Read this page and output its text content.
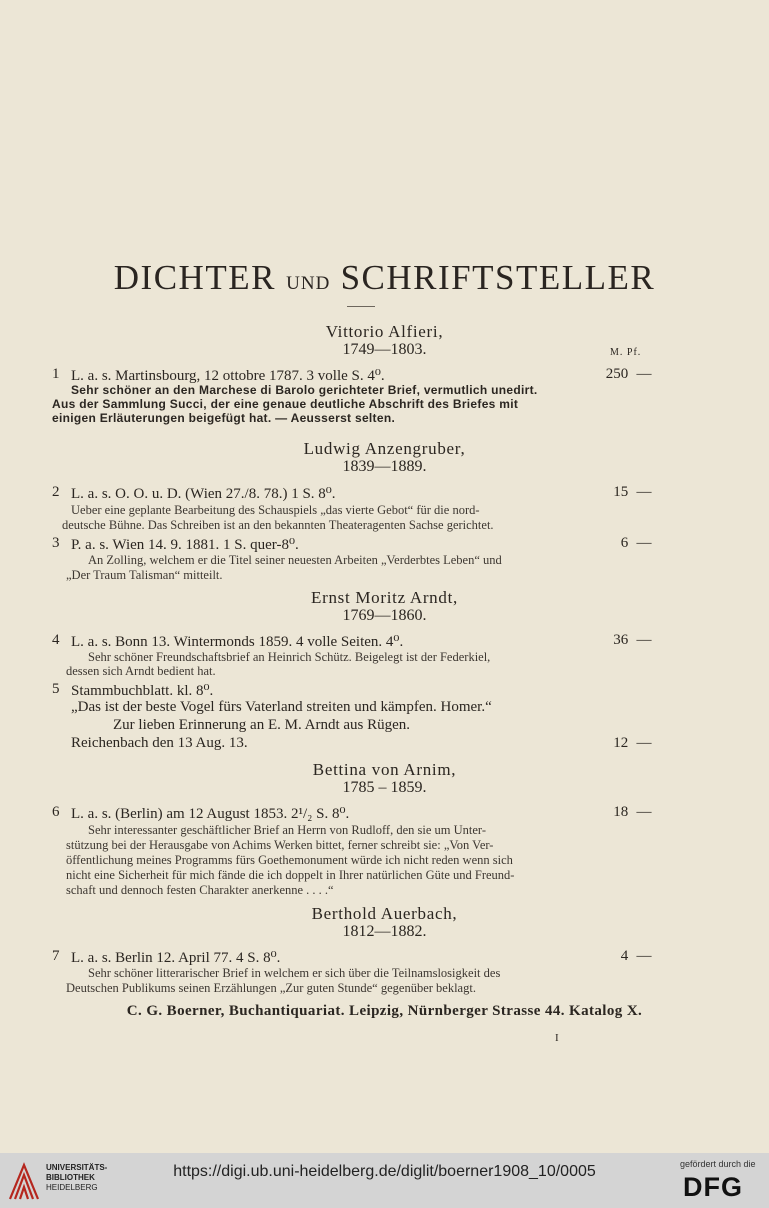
DICHTER UND SCHRIFTSTELLER
Vittorio Alfieri,
1749—1803.	M. Pf.
1 L. a. s. Martinsbourg, 12 ottobre 1787. 3 volle S. 4⁰.	250 —
Sehr schöner an den Marchese di Barolo gerichteter Brief, vermutlich unedirt.
Aus der Sammlung Succi, der eine genaue deutliche Abschrift des Briefes mit
einigen Erläuterungen beigefügt hat. — Aeusserst selten.
Ludwig Anzengruber,
1839—1889.
2 L. a. s. O. O. u. D. (Wien 27./8. 78.) 1 S. 8⁰.	15 —
Ueber eine geplante Bearbeitung des Schauspiels „das vierte Gebot“ für die nord-
deutsche Bühne. Das Schreiben ist an den bekannten Theateragenten Sachse gerichtet.
3 P. a. s. Wien 14. 9. 1881. 1 S. quer-8⁰.	6 —
An Zolling, welchem er die Titel seiner neuesten Arbeiten „Verderbtes Leben“ und
„Der Traum Talisman“ mitteilt.
Ernst Moritz Arndt,
1769—1860.
4 L. a. s. Bonn 13. Wintermonds 1859. 4 volle Seiten. 4⁰.	36 —
Sehr schöner Freundschaftsbrief an Heinrich Schütz. Beigelegt ist der Federkiel,
dessen sich Arndt bedient hat.
5 Stammbuchblatt. kl. 8⁰.
„Das ist der beste Vogel fürs Vaterland streiten und kämpfen. Homer.“
Zur lieben Erinnerung an E. M. Arndt aus Rügen.
Reichenbach den 13 Aug. 13.	12 —
Bettina von Arnim,
1785 – 1859.
6 L. a. s. (Berlin) am 12 August 1853. 2¹/₂ S. 8⁰.	18 —
Sehr interessanter geschäftlicher Brief an Herrn von Rudloff, den sie um Unter-
stützung bei der Herausgabe von Achims Werken bittet, ferner schreibt sie: „Von Ver-
öffentlichung meines Programms fürs Goethemonument würde ich nicht reden wenn sich
nicht eine Sicherheit für mich fände die ich doppelt in Ihrer natürlichen Güte und Freund-
schaft und dennoch festen Charakter anerkenne . . . .“
Berthold Auerbach,
1812—1882.
7 L. a. s. Berlin 12. April 77. 4 S. 8⁰.	4 —
Sehr schöner litterarischer Brief in welchem er sich über die Teilnamslosigkeit des
Deutschen Publikums seinen Erzählungen „Zur guten Stunde“ gegenüber beklagt.
C. G. Boerner, Buchantiquariat. Leipzig, Nürnberger Strasse 44. Katalog X.
I
UNIVERSITÄTS-
BIBLIOTHEK
HEIDELBERG
https://digi.ub.uni-heidelberg.de/diglit/boerner1908_10/0005	gefördert durch die
DFG
